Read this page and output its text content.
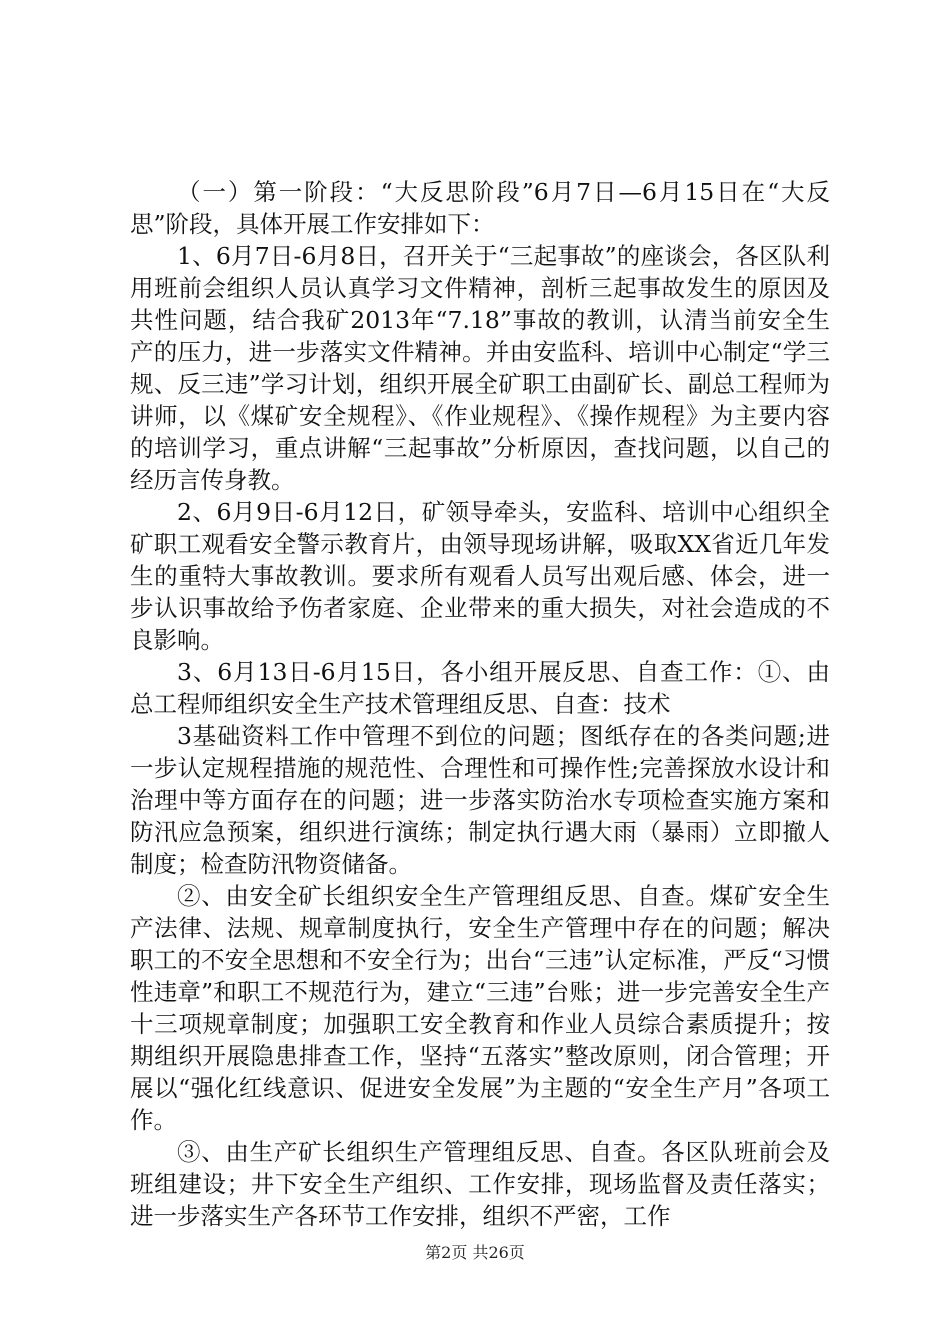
（一）第一阶段：“大反思阶段”6月7日—6月15日在“大反思”阶段，具体开展工作安排如下：

1、6月7日-6月8日，召开关于“三起事故”的座谈会，各区队利用班前会组织人员认真学习文件精神，剖析三起事故发生的原因及共性问题，结合我矿2013年“7.18”事故的教训，认清当前安全生产的压力，进一步落实文件精神。并由安监科、培训中心制定“学三规、反三违”学习计划，组织开展全矿职工由副矿长、副总工程师为讲师，以《煤矿安全规程》、《作业规程》、《操作规程》为主要内容的培训学习，重点讲解“三起事故”分析原因，查找问题，以自己的经历言传身教。

2、6月9日-6月12日，矿领导牵头，安监科、培训中心组织全矿职工观看安全警示教育片，由领导现场讲解，吸取XX省近几年发生的重特大事故教训。要求所有观看人员写出观后感、体会，进一步认识事故给予伤者家庭、企业带来的重大损失，对社会造成的不良影响。

3、6月13日-6月15日，各小组开展反思、自查工作：①、由总工程师组织安全生产技术管理组反思、自查：技术

3基础资料工作中管理不到位的问题；图纸存在的各类问题;进一步认定规程措施的规范性、合理性和可操作性;完善探放水设计和治理中等方面存在的问题；进一步落实防治水专项检查实施方案和防汛应急预案，组织进行演练；制定执行遇大雨（暴雨）立即撤人制度；检查防汛物资储备。

②、由安全矿长组织安全生产管理组反思、自查。煤矿安全生产法律、法规、规章制度执行，安全生产管理中存在的问题；解决职工的不安全思想和不安全行为；出台“三违”认定标准，严反“习惯性违章”和职工不规范行为，建立“三违”台账；进一步完善安全生产十三项规章制度；加强职工安全教育和作业人员综合素质提升；按期组织开展隐患排查工作，坚持“五落实”整改原则，闭合管理；开展以“强化红线意识、促进安全发展”为主题的“安全生产月”各项工作。

③、由生产矿长组织生产管理组反思、自查。各区队班前会及班组建设；井下安全生产组织、工作安排，现场监督及责任落实；进一步落实生产各环节工作安排，组织不严密，工作

第2页 共26页
